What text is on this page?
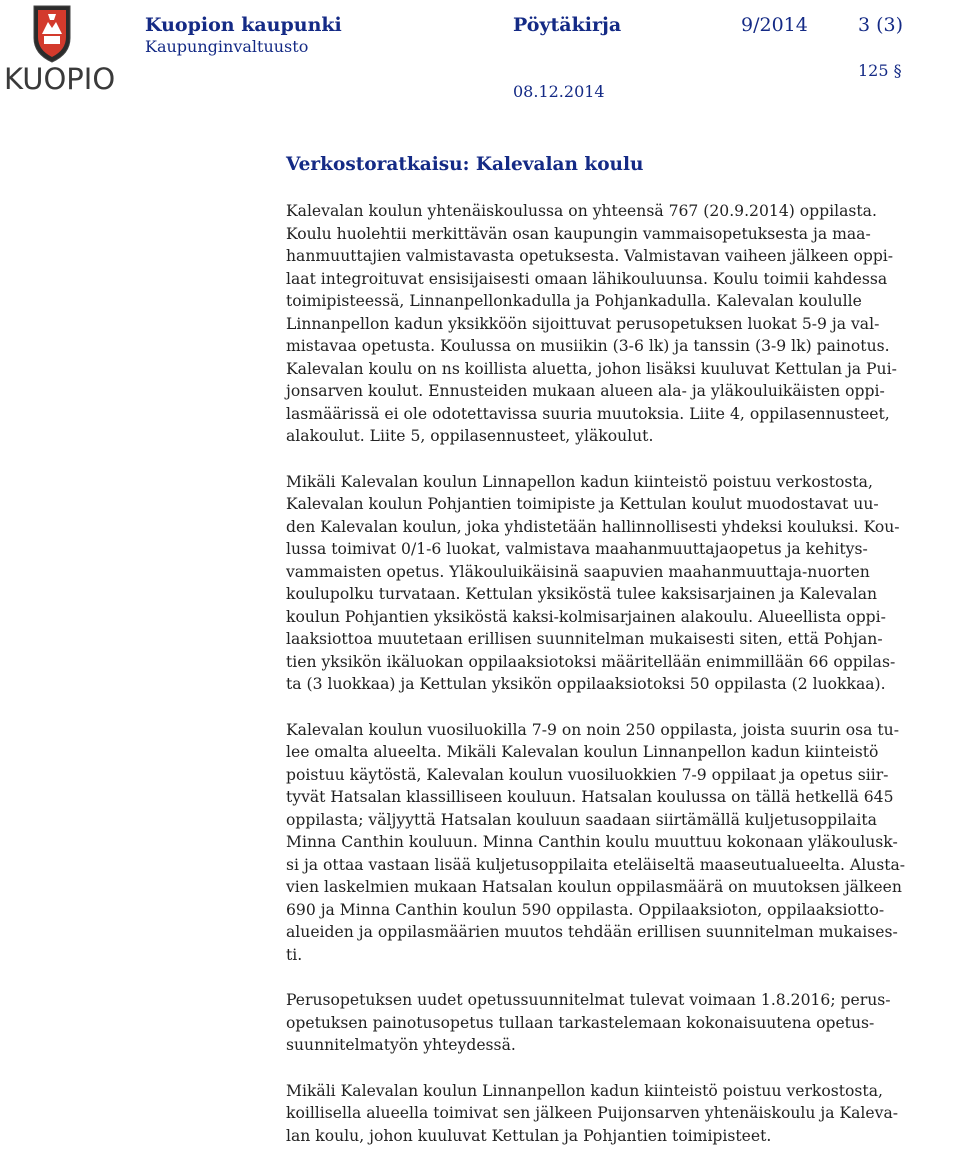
KUOPIO
Kuopion kaupunki
Kaupunginvaltuusto
Pöytäkirja	9/2014	3 (3)
125 §
08.12.2014
Verkostoratkaisu: Kalevalan koulu
Kalevalan koulun yhtenäiskoulussa on yhteensä 767 (20.9.2014) oppilasta.
Koulu huolehtii merkittävän osan kaupungin vammaisopetuksesta ja maa-
hanmuuttajien valmistavasta opetuksesta. Valmistavan vaiheen jälkeen oppi-
laat integroituvat ensisijaisesti omaan lähikouluunsa. Koulu toimii kahdessa
toimipisteessä, Linnanpellonkadulla ja Pohjankadulla. Kalevalan koululle
Linnanpellon kadun yksikköön sijoittuvat perusopetuksen luokat 5-9 ja val-
mistavaa opetusta. Koulussa on musiikin (3-6 lk) ja tanssin (3-9 lk) painotus.
Kalevalan koulu on ns koillista aluetta, johon lisäksi kuuluvat Kettulan ja Pui-
jonsarven koulut. Ennusteiden mukaan alueen ala- ja yläkouluikäisten oppi-
lasmäärissä ei ole odotettavissa suuria muutoksia. Liite 4, oppilasennusteet,
alakoulut. Liite 5, oppilasennusteet, yläkoulut.
Mikäli Kalevalan koulun Linnapellon kadun kiinteistö poistuu verkostosta,
Kalevalan koulun Pohjantien toimipiste ja Kettulan koulut muodostavat uu-
den Kalevalan koulun, joka yhdistetään hallinnollisesti yhdeksi kouluksi. Kou-
lussa toimivat 0/1-6 luokat, valmistava maahanmuuttajaopetus ja kehitys-
vammaisten opetus. Yläkouluikäisinä saapuvien maahanmuuttaja-nuorten
koulupolku turvataan. Kettulan yksiköstä tulee kaksisarjainen ja Kalevalan
koulun Pohjantien yksiköstä kaksi-kolmisarjainen alakoulu. Alueellista oppi-
laaksiottoa muutetaan erillisen suunnitelman mukaisesti siten, että Pohjan-
tien yksikön ikäluokan oppilaaksiotoksi määritellään enimmillään 66 oppilas-
ta (3 luokkaa) ja Kettulan yksikön oppilaaksiotoksi 50 oppilasta (2 luokkaa).
Kalevalan koulun vuosiluokilla 7-9 on noin 250 oppilasta, joista suurin osa tu-
lee omalta alueelta. Mikäli Kalevalan koulun Linnanpellon kadun kiinteistö
poistuu käytöstä, Kalevalan koulun vuosiluokkien 7-9 oppilaat ja opetus siir-
tyvät Hatsalan klassilliseen kouluun. Hatsalan koulussa on tällä hetkellä 645
oppilasta; väljyyttä Hatsalan kouluun saadaan siirtämällä kuljetusoppilaita
Minna Canthin kouluun. Minna Canthin koulu muuttuu kokonaan yläkoulusk-
si ja ottaa vastaan lisää kuljetusoppilaita eteläiseltä maaseutualueelta. Alusta-
vien laskelmien mukaan Hatsalan koulun oppilasmäärä on muutoksen jälkeen
690 ja Minna Canthin koulun 590 oppilasta. Oppilaaksioton, oppilaaksiotto-
alueiden ja oppilasmäärien muutos tehdään erillisen suunnitelman mukaises-
ti.
Perusopetuksen uudet opetussuunnitelmat tulevat voimaan 1.8.2016; perus-
opetuksen painotusopetus tullaan tarkastelemaan kokonaisuutena opetus-
suunnitelmatyön yhteydessä.
Mikäli Kalevalan koulun Linnanpellon kadun kiinteistö poistuu verkostosta,
koillisella alueella toimivat sen jälkeen Puijonsarven yhtenäiskoulu ja Kaleva-
lan koulu, johon kuuluvat Kettulan ja Pohjantien toimipisteet.
